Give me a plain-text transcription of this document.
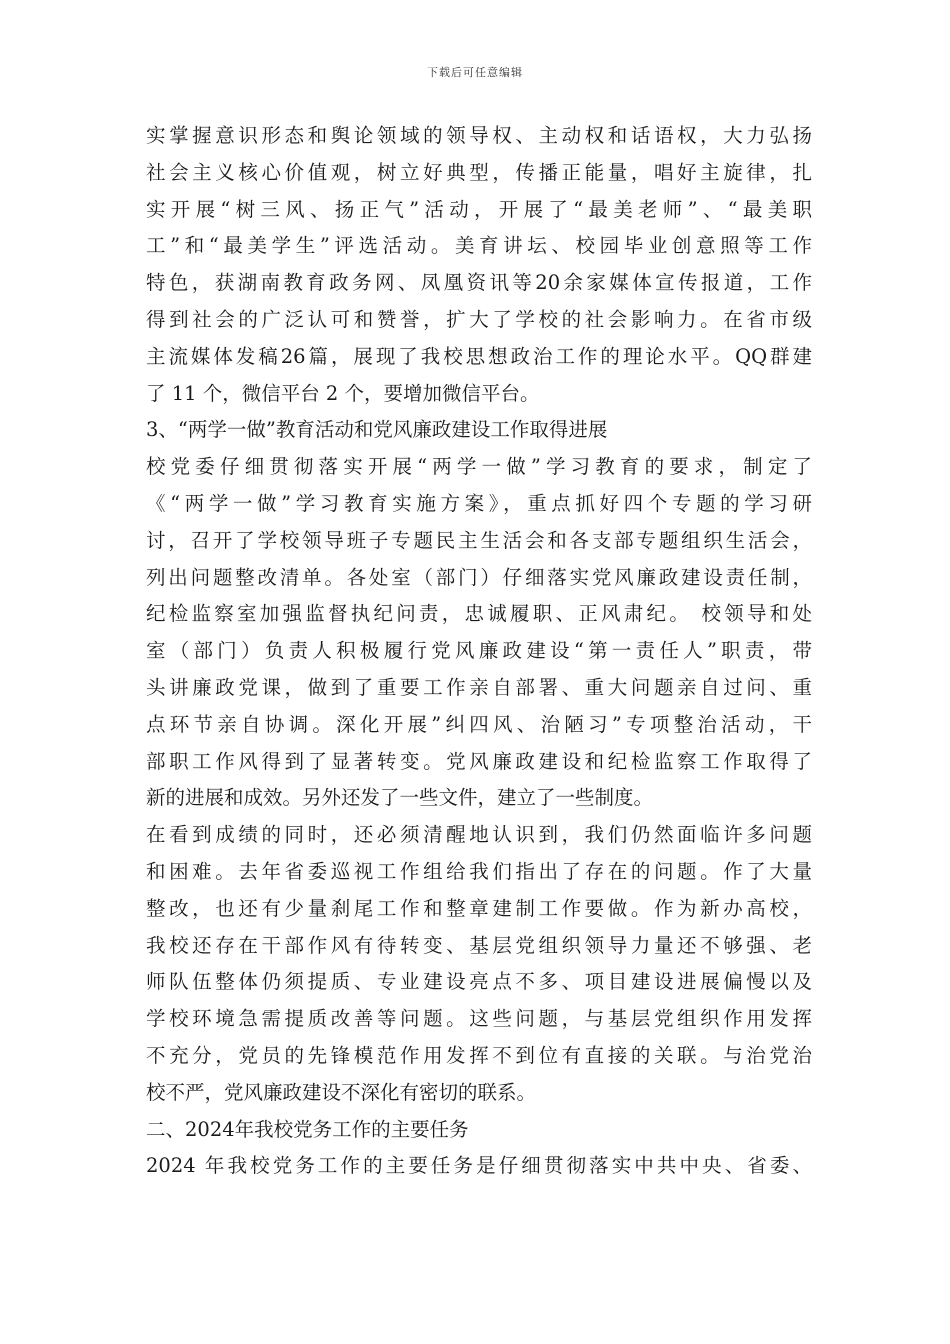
下载后可任意编辑
实掌握意识形态和舆论领域的领导权、主动权和话语权，大力弘扬
社会主义核心价值观，树立好典型，传播正能量，唱好主旋律，扎
实开展“树三风、扬正气”活动，开展了“最美老师”、“最美职
工”和“最美学生”评选活动。美育讲坛、校园毕业创意照等工作
特色，获湖南教育政务网、凤凰资讯等20余家媒体宣传报道，工作
得到社会的广泛认可和赞誉，扩大了学校的社会影响力。在省市级
主流媒体发稿26篇，展现了我校思想政治工作的理论水平。QQ群建
了 11 个，微信平台 2 个，要增加微信平台。
3、“两学一做”教育活动和党风廉政建设工作取得进展
校党委仔细贯彻落实开展“两学一做”学习教育的要求，制定了
《“两学一做”学习教育实施方案》，重点抓好四个专题的学习研
讨，召开了学校领导班子专题民主生活会和各支部专题组织生活会，
列出问题整改清单。各处室（部门）仔细落实党风廉政建设责任制，
纪检监察室加强监督执纪问责，忠诚履职、正风肃纪。 校领导和处
室（部门）负责人积极履行党风廉政建设“第一责任人”职责，带
头讲廉政党课，做到了重要工作亲自部署、重大问题亲自过问、重
点环节亲自协调。深化开展”纠四风、治陋习”专项整治活动，干
部职工作风得到了显著转变。党风廉政建设和纪检监察工作取得了
新的进展和成效。另外还发了一些文件，建立了一些制度。
在看到成绩的同时，还必须清醒地认识到，我们仍然面临许多问题
和困难。去年省委巡视工作组给我们指出了存在的问题。作了大量
整改，也还有少量刹尾工作和整章建制工作要做。作为新办高校，
我校还存在干部作风有待转变、基层党组织领导力量还不够强、老
师队伍整体仍须提质、专业建设亮点不多、项目建设进展偏慢以及
学校环境急需提质改善等问题。这些问题，与基层党组织作用发挥
不充分，党员的先锋模范作用发挥不到位有直接的关联。与治党治
校不严，党风廉政建设不深化有密切的联系。
二、2024年我校党务工作的主要任务
2024 年我校党务工作的主要任务是仔细贯彻落实中共中央、省委、
